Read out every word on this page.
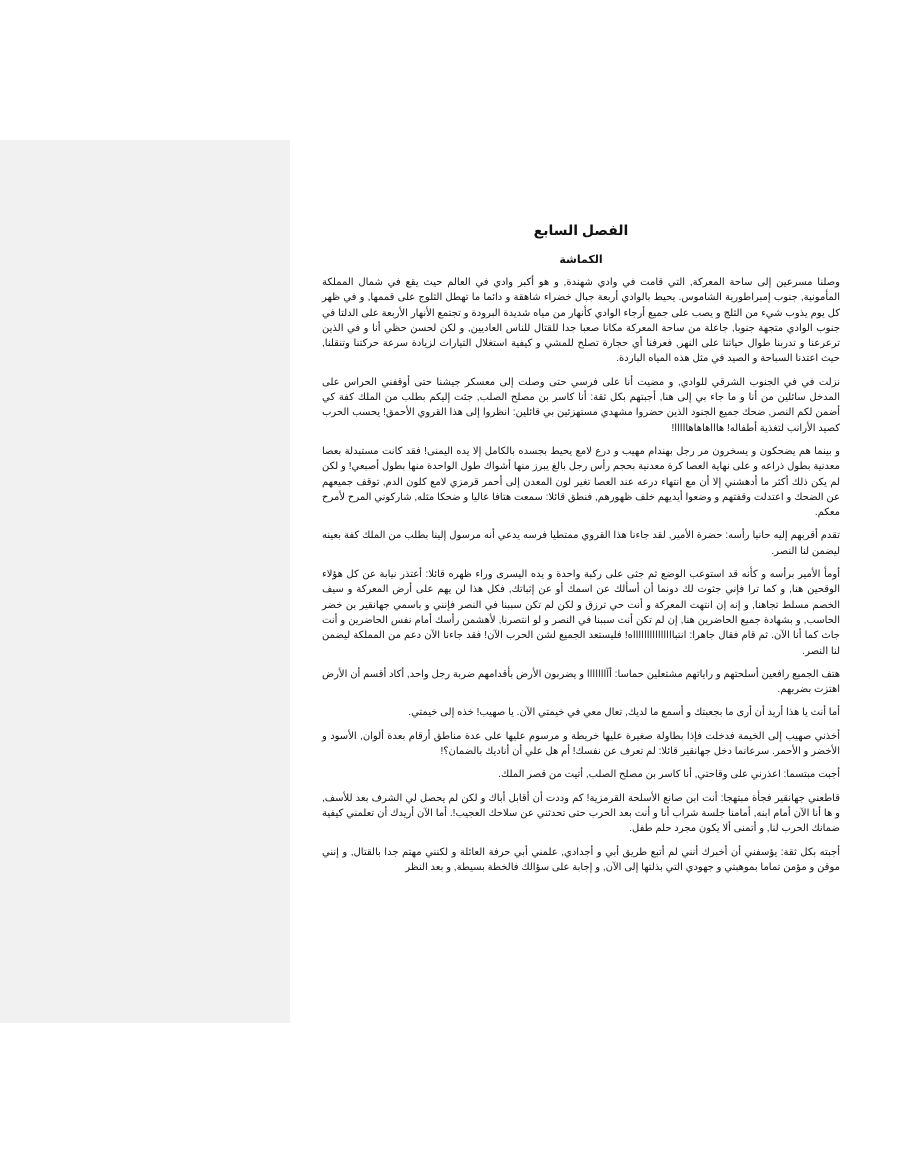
الفصل السابع
الكماشة

وصلنا مسرعين إلى ساحة المعركة, التي قامت في وادي شهندة, و هو أكبر وادي في العالم حيث يقع في شمال المملكة المأمونية, جنوب إمبراطورية الشاموس. يحيط بالوادي أربعة جبال خضراء شاهقة و دائما ما تهطل الثلوج على قممها, و في ظهر كل يوم يذوب شيء من الثلج و يصب على جميع أرجاء الوادي كأنهار من مياه شديدة البرودة و تجتمع الأنهار الأربعة على الدلتا في جنوب الوادي متجهة جنوبا, جاعلة من ساحة المعركة مكانا صعبا جدا للقتال للناس العاديين, و لكن لحسن حظي أنا و في الذين ترعرعنا و تدربنا طوال حياتنا على النهر, فعرفنا أي حجارة تصلح للمشي و كيفية استغلال التيارات لزيادة سرعة حركتنا وتنقلنا, حيث اعتدنا السباحة و الصيد في مثل هذه المياه الباردة.

نزلت في في الجنوب الشرقي للوادي, و مضيت أنا على فرسي حتى وصلت إلى معسكر جيشنا حتى أوقفني الحراس على المدخل سائلين من أنا و ما جاء بي إلى هنا, أجبتهم بكل ثقة: أنا كاسر بن مصلح الصلب, جئت إليكم بطلب من الملك كفة كي أضمن لكم النصر, ضحك جميع الجنود الذين حضروا مشهدي مستهزئين بي قائلين: انظروا إلى هذا القروي الأحمق! يحسب الحرب كصيد الأرانب لتغذية أطفاله! هاااهاهاهااااا!

و بينما هم يضحكون و يسخرون مر رجل بهندام مهيب و درع لامع يحيط بجسده بالكامل إلا يده اليمنى! فقد كانت مستبدلة بعصا معدنية بطول ذراعه و على نهاية العصا كرة معدنية بحجم رأس رجل بالغ يبرز منها أشواك طول الواحدة منها بطول أصبعي! و لكن لم يكن ذلك أكثر ما أدهشني إلا أن مع انتهاء درعه عند العصا تغير لون المعدن إلى أحمر قرمزي لامع كلون الدم, توقف جميعهم عن الضحك و اعتدلت وقفتهم و وضعوا أيديهم خلف ظهورهم, فنطق قائلا: سمعت هتافا عاليا و ضحكا مثله, شاركوني المرح لأمرح معكم.

تقدم أقربهم إليه حانيا رأسه: حضرة الأمير, لقد جاءنا هذا القروي ممتطيا فرسه يدعي أنه مرسول إلينا بطلب من الملك كفة بعينه ليضمن لنا النصر.

أومأ الأمير برأسه و كأنه قد استوعب الوضع ثم جثى على ركبة واحدة و يده اليسرى وراء ظهره قائلا: أعتذر نيابة عن كل هؤلاء الوقحين هنا, و كما ترا فإني جثوت لك دونما أن أسألك عن اسمك أو عن إثباتك, فكل هذا لن يهم على أرض المعركة و سيف الخصم مسلط تجاهنا, و إنه إن انتهت المعركة و أنت حي ترزق و لكن لم تكن سببنا في النصر فإنني و باسمي جهانقير بن خضر الحاسب, و بشهادة جميع الحاضرين هنا, إن لم تكن أنت سببنا في النصر و لو انتصرنا, لأهشمن رأسك أمام نفس الحاضرين و أنت جاث كما أنا الآن. ثم قام فقال جاهرا: انتباااااااااااااااه! فليستعد الجميع لشن الحرب الآن! فقد جاءنا الآن دعم من المملكة ليضمن لنا النصر.

هتف الجميع رافعين أسلحتهم و راياتهم مشتعلين حماسا: أآااااااا و يضربون الأرض بأقدامهم ضربة رجل واحد, أكاد أقسم أن الأرض اهتزت بضربهم.

أما أنت يا هذا أريد أن أرى ما بجعبتك و أسمع ما لديك, تعال معي في خيمتي الآن. يا صهيب! خذه إلى خيمتي.

أخذني صهيب إلى الخيمة فدخلت فإذا بطاولة صغيرة عليها خريطة و مرسوم عليها على عدة مناطق أرقام بعدة ألوان, الأسود و الأخضر و الأحمر. سرعانما دخل جهانقير قائلا: لم تعرف عن نفسك! أم هل علي أن أناديك بالضمان؟!

أجبت مبتسما: اعذرني على وقاحتي, أنا كاسر بن مصلح الصلب, أتيت من قصر الملك.

قاطعني جهانقير فجأة مبتهجا: أنت ابن صانع الأسلحة القرمزية! كم وددت أن أقابل أباك و لكن لم يحصل لي الشرف بعد للأسف, و ها أنا الآن أمام ابنه, أمامنا جلسة شراب أنا و أنت بعد الحرب حتى تحدثني عن سلاحك العجيب!. أما الآن أريدك أن تعلمني كيفية ضمانك الحرب لنا, و أتمنى ألا يكون مجرد حلم طفل.

أجبته بكل ثقة: يؤسفني أن أخبرك أنني لم أتبع طريق أبي و أجدادي, علمني أبي حرفة العائلة و لكنني مهتم جدا بالقتال, و إنني موقن و مؤمن تماما بموهبتي و جهودي التي بذلتها إلى الآن, و إجابة على سؤالك فالخطة بسيطة, و بعد النظر
